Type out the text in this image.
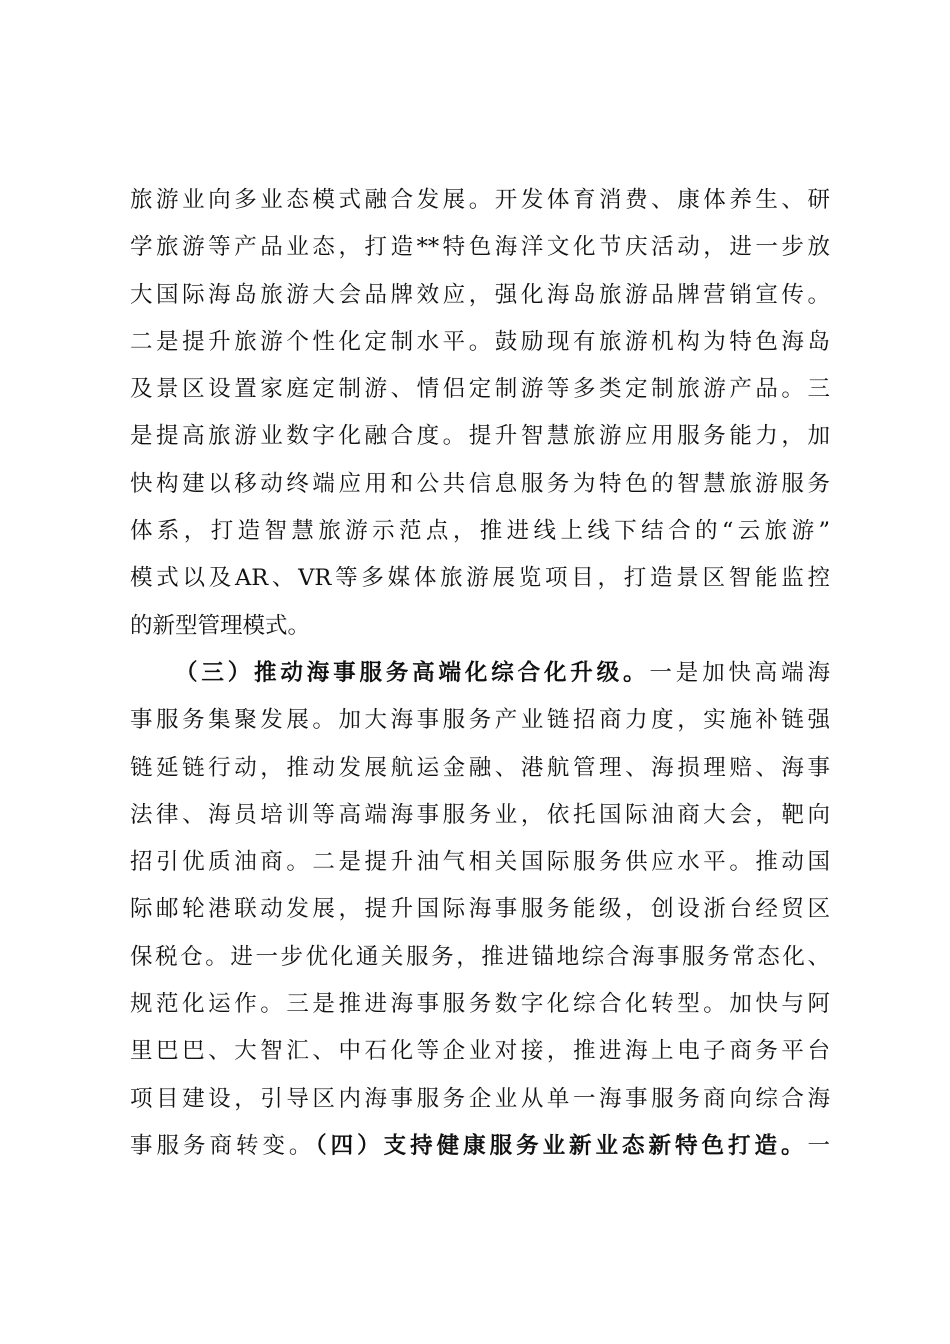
旅游业向多业态模式融合发展。开发体育消费、康体养生、研
学旅游等产品业态，打造**特色海洋文化节庆活动，进一步放
大国际海岛旅游大会品牌效应，强化海岛旅游品牌营销宣传。
二是提升旅游个性化定制水平。鼓励现有旅游机构为特色海岛
及景区设置家庭定制游、情侣定制游等多类定制旅游产品。三
是提高旅游业数字化融合度。提升智慧旅游应用服务能力，加
快构建以移动终端应用和公共信息服务为特色的智慧旅游服务
体系，打造智慧旅游示范点，推进线上线下结合的“云旅游”
模式以及AR、VR等多媒体旅游展览项目，打造景区智能监控
的新型管理模式。
（三）推动海事服务高端化综合化升级。一是加快高端海
事服务集聚发展。加大海事服务产业链招商力度，实施补链强
链延链行动，推动发展航运金融、港航管理、海损理赔、海事
法律、海员培训等高端海事服务业，依托国际油商大会，靶向
招引优质油商。二是提升油气相关国际服务供应水平。推动国
际邮轮港联动发展，提升国际海事服务能级，创设浙台经贸区
保税仓。进一步优化通关服务，推进锚地综合海事服务常态化、
规范化运作。三是推进海事服务数字化综合化转型。加快与阿
里巴巴、大智汇、中石化等企业对接，推进海上电子商务平台
项目建设，引导区内海事服务企业从单一海事服务商向综合海
事服务商转变。（四）支持健康服务业新业态新特色打造。一
